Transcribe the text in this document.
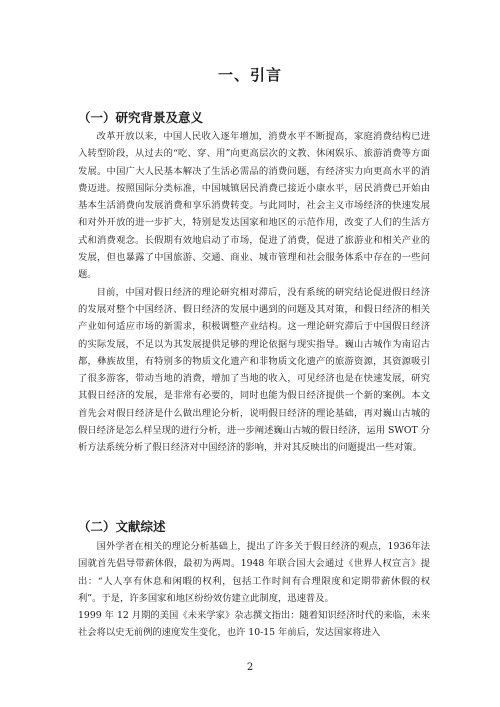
一、引言
（一）研究背景及意义

改革开放以来，中国人民收入逐年增加，消费水平不断提高，家庭消费结构已进入转型阶段，从过去的“吃、穿、用”向更高层次的文教、休闲娱乐、旅游消费等方面发展。中国广大人民基本解决了生活必需品的消费问题，有经济实力向更高水平的消费迈进。按照国际分类标准，中国城镇居民消费已接近小康水平，居民消费已开始由基本生活消费向发展消费和享乐消费转变。与此同时，社会主义市场经济的快速发展和对外开放的进一步扩大，特别是发达国家和地区的示范作用，改变了人们的生活方式和消费观念。长假期有效地启动了市场，促进了消费，促进了旅游业和相关产业的发展，但也暴露了中国旅游、交通、商业、城市管理和社会服务体系中存在的一些问题。

目前，中国对假日经济的理论研究相对滞后，没有系统的研究结论促进假日经济的发展对整个中国经济、假日经济的发展中遇到的问题及其对策，和假日经济的相关产业如何适应市场的新需求，积极调整产业结构。这一理论研究滞后于中国假日经济的实际发展，不足以为其发展提供足够的理论依据与现实指导。巍山古城作为南诏古都，彝族故里，有特别多的物质文化遗产和非物质文化遗产的旅游资源，其资源吸引了很多游客，带动当地的消费，增加了当地的收入，可见经济也是在快速发展，研究其假日经济的发展，是非常有必要的，同时也能为假日经济提供一个新的案例。本文首先会对假日经济是什么做出理论分析，说明假日经济的理论基础，再对巍山古城的假日经济是怎么样呈现的进行分析，进一步阐述巍山古城的假日经济，运用 SWOT 分析方法系统分析了假日经济对中国经济的影响，并对其反映出的问题提出一些对策。

（二）文献综述

国外学者在相关的理论分析基础上，提出了许多关于假日经济的观点，1936年法国就首先倡导带薪休假，最初为两周。1948 年联合国大会通过《世界人权宣言》提出：“人人享有休息和闲暇的权利，包括工作时间有合理限度和定期带薪休假的权利”。于是，许多国家和地区纷纷效仿建立此制度，迅速普及。

1999 年 12 月期的美国《未来学家》杂志撰文指出：随着知识经济时代的来临，未来社会将以史无前例的速度发生变化，也许 10-15 年前后，发达国家将进入

2
